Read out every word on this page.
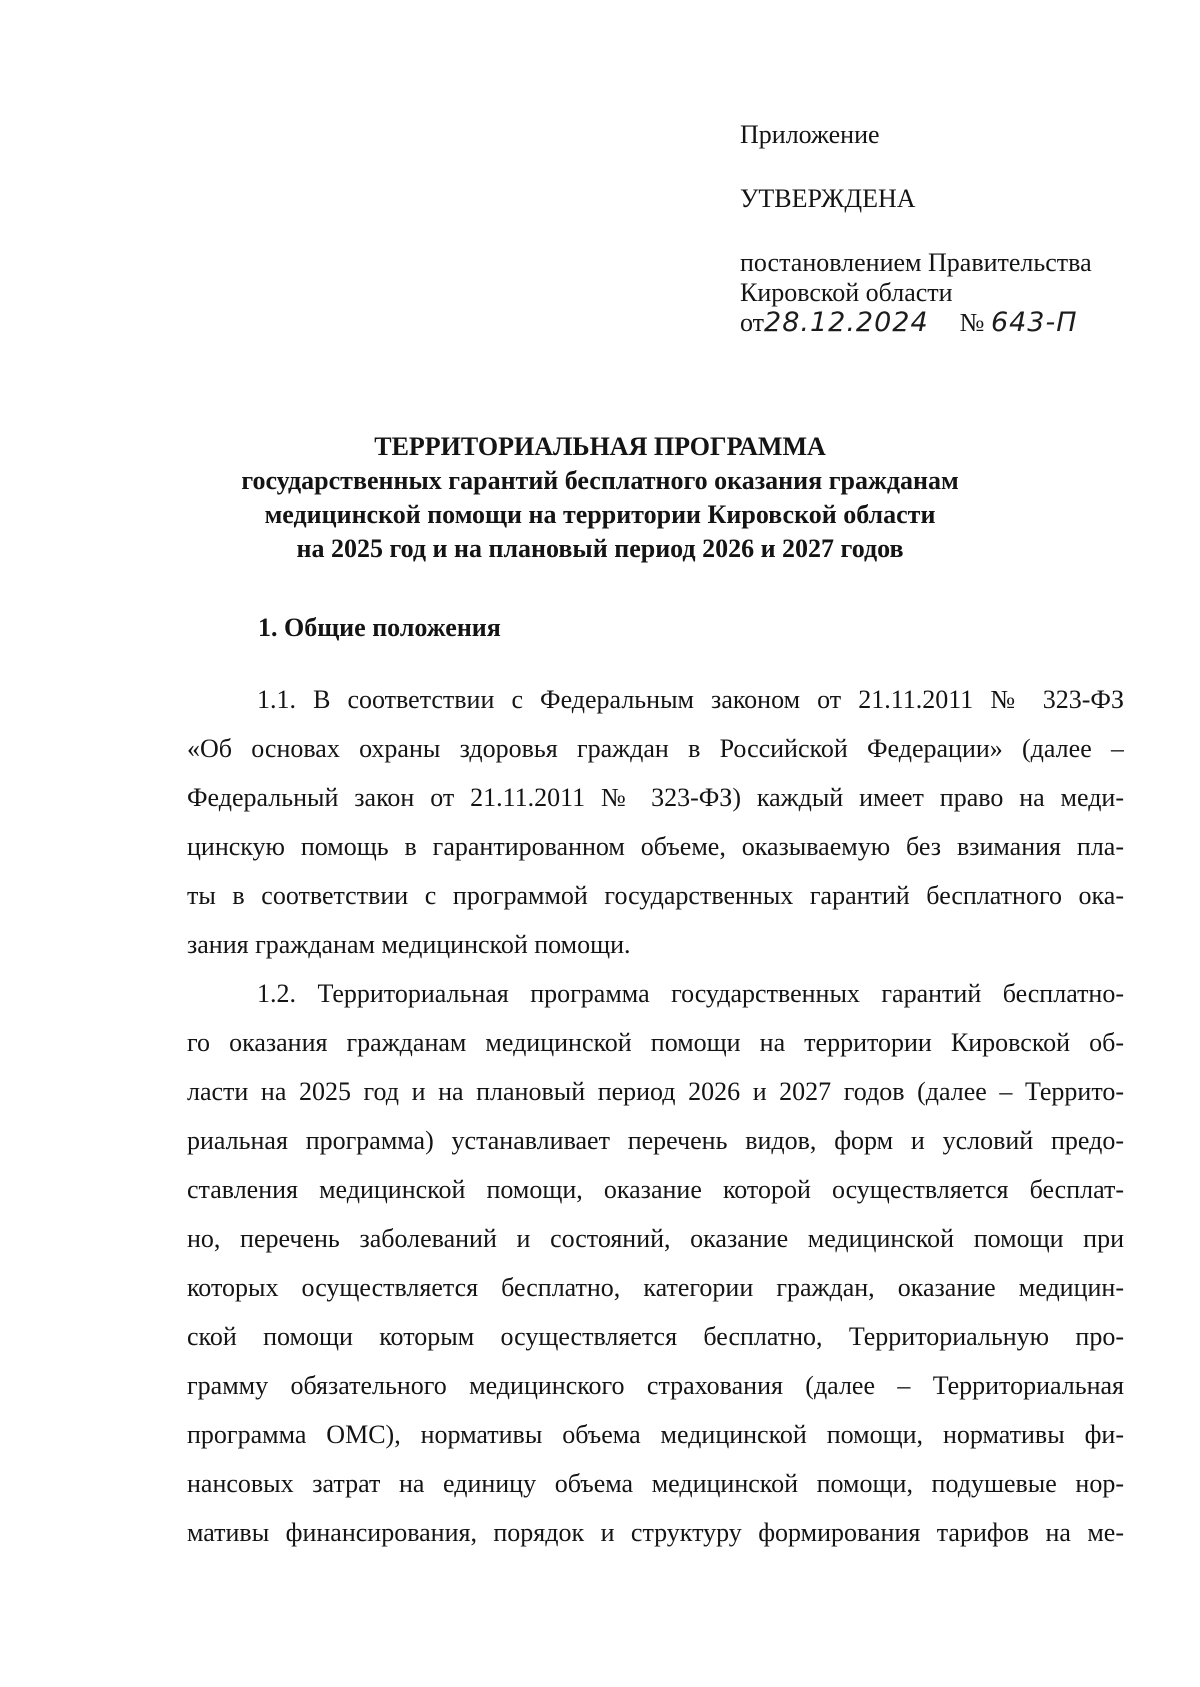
Приложение
УТВЕРЖДЕНА
постановлением Правительства
Кировской области
от28.12.2024 № 643-П
ТЕРРИТОРИАЛЬНАЯ ПРОГРАММА
государственных гарантий бесплатного оказания гражданам
медицинской помощи на территории Кировской области
на 2025 год и на плановый период 2026 и 2027 годов
1. Общие положения
1.1. В соответствии с Федеральным законом от 21.11.2011 № 323-ФЗ
«Об основах охраны здоровья граждан в Российской Федерации» (далее –
Федеральный закон от 21.11.2011 № 323-ФЗ) каждый имеет право на меди-
цинскую помощь в гарантированном объеме, оказываемую без взимания пла-
ты в соответствии с программой государственных гарантий бесплатного ока-
зания гражданам медицинской помощи.
1.2. Территориальная программа государственных гарантий бесплатно-
го оказания гражданам медицинской помощи на территории Кировской об-
ласти на 2025 год и на плановый период 2026 и 2027 годов (далее – Террито-
риальная программа) устанавливает перечень видов, форм и условий предо-
ставления медицинской помощи, оказание которой осуществляется бесплат-
но, перечень заболеваний и состояний, оказание медицинской помощи при
которых осуществляется бесплатно, категории граждан, оказание медицин-
ской помощи которым осуществляется бесплатно, Территориальную про-
грамму обязательного медицинского страхования (далее – Территориальная
программа ОМС), нормативы объема медицинской помощи, нормативы фи-
нансовых затрат на единицу объема медицинской помощи, подушевые нор-
мативы финансирования, порядок и структуру формирования тарифов на ме-
